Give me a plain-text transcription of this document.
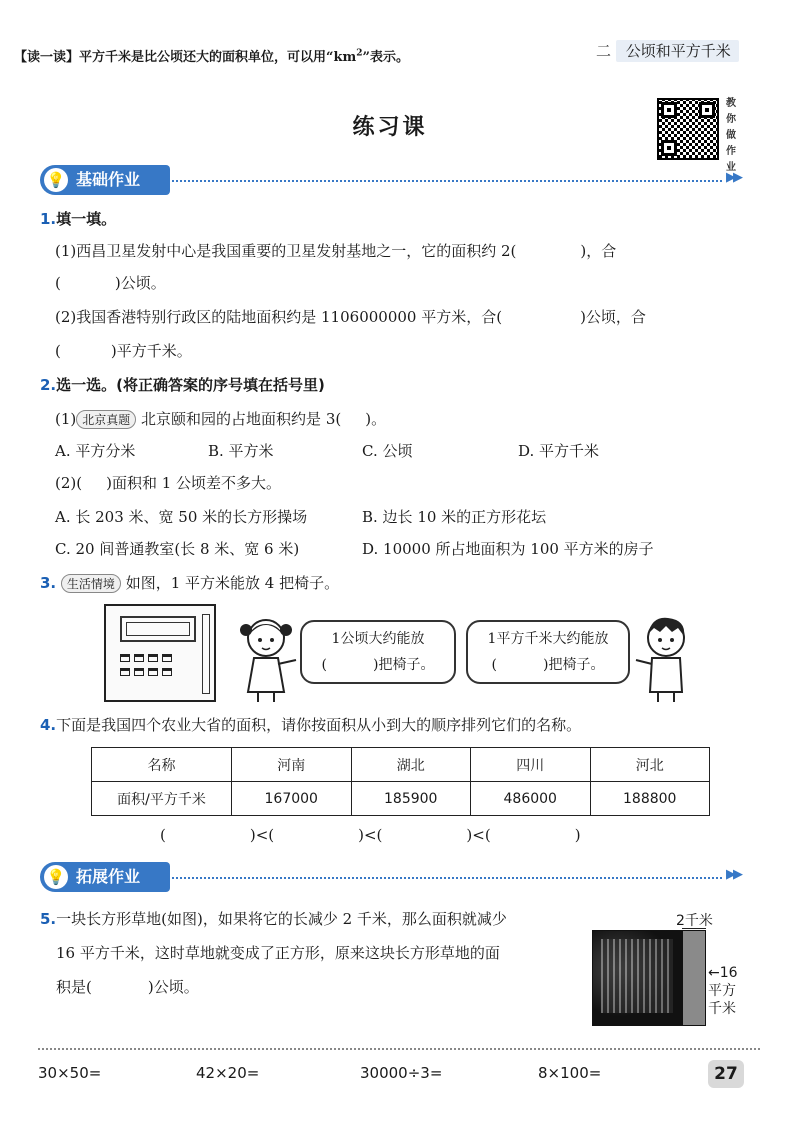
【读一读】平方千米是比公顷还大的面积单位，可以用“$km^2$”表示。	二 公顷和平方千米
练习课
教你做作业
💡 基础作业	▶▶
1.填一填。
(1)西昌卫星发射中心是我国重要的卫星发射基地之一，它的面积约 2(	)，合
(	)公顷。
(2)我国香港特别行政区的陆地面积约是 1106000000 平方米，合(	)公顷，合
(	)平方千米。
2.选一选。(将正确答案的序号填在括号里)
(1) 北京真题 北京颐和园的占地面积约是 3( )。
A. 平方分米	B. 平方米	C. 公顷	D. 平方千米
(2)( )面积和 1 公顷差不多大。
A. 长 203 米、宽 50 米的长方形操场	B. 边长 10 米的正方形花坛
C. 20 间普通教室(长 8 米、宽 6 米)	D. 10000 所占地面积为 100 平方米的房子
3. 生活情境 如图，1 平方米能放 4 把椅子。
1公顷大约能放
(	)把椅子。
1平方千米大约能放
(	)把椅子。
4.下面是我国四个农业大省的面积，请你按面积从小到大的顺序排列它们的名称。
名称	河南	湖北	四川	河北
面积/平方千米	167000	185900	486000	188800
(	)<(	)<(	)<(	)
💡 拓展作业	▶▶
5.一块长方形草地(如图)，如果将它的长减少 2 千米，那么面积就减少
16 平方千米，这时草地就变成了正方形，原来这块长方形草地的面
积是(	)公顷。
2千米
←16
平方
千米
30×50=	42×20=	30000÷3=	8×100=	27
